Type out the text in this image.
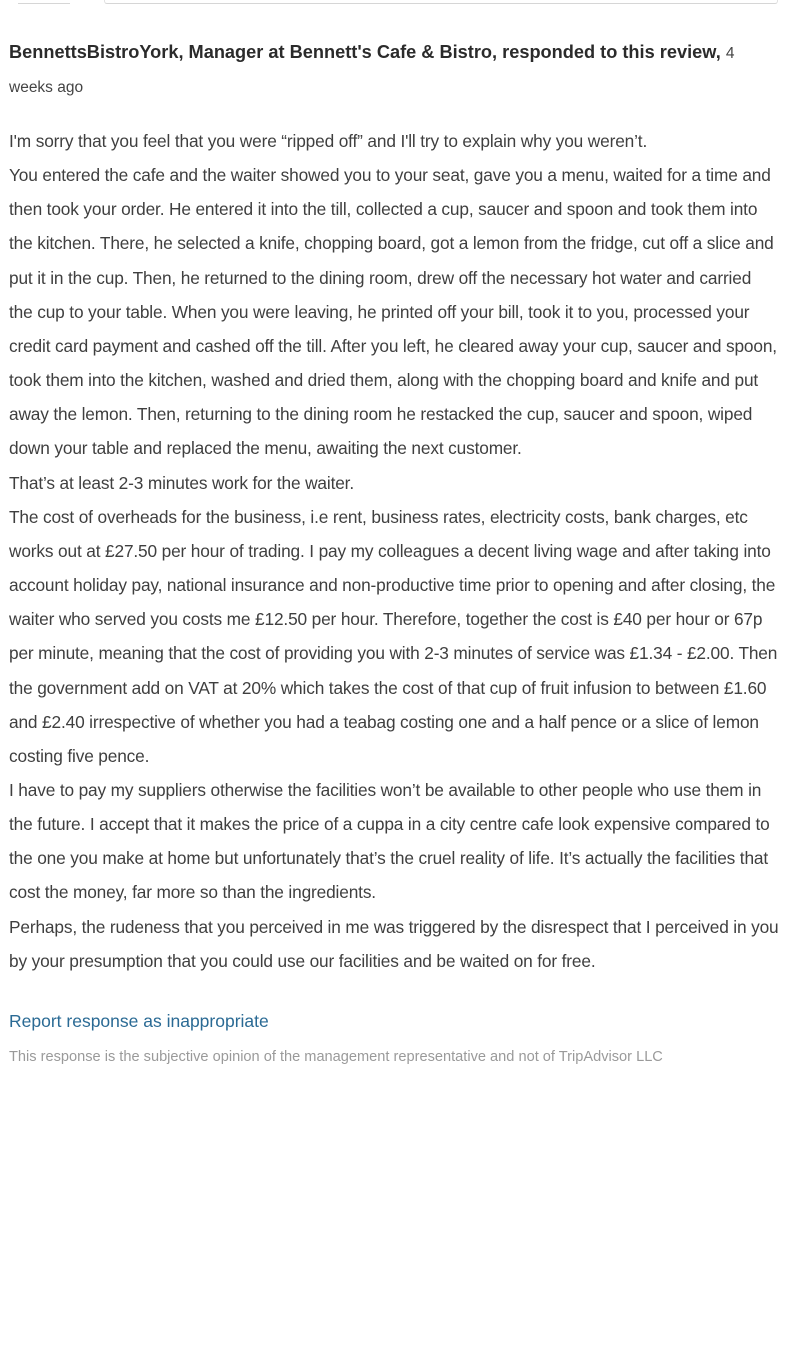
BennettsBistroYork, Manager at Bennett's Cafe & Bistro, responded to this review, 4 weeks ago

I'm sorry that you feel that you were “ripped off” and I'll try to explain why you weren’t.

You entered the cafe and the waiter showed you to your seat, gave you a menu, waited for a time and then took your order. He entered it into the till, collected a cup, saucer and spoon and took them into the kitchen. There, he selected a knife, chopping board, got a lemon from the fridge, cut off a slice and put it in the cup. Then, he returned to the dining room, drew off the necessary hot water and carried the cup to your table. When you were leaving, he printed off your bill, took it to you, processed your credit card payment and cashed off the till. After you left, he cleared away your cup, saucer and spoon, took them into the kitchen, washed and dried them, along with the chopping board and knife and put away the lemon. Then, returning to the dining room he restacked the cup, saucer and spoon, wiped down your table and replaced the menu, awaiting the next customer.

That’s at least 2-3 minutes work for the waiter.

The cost of overheads for the business, i.e rent, business rates, electricity costs, bank charges, etc works out at £27.50 per hour of trading. I pay my colleagues a decent living wage and after taking into account holiday pay, national insurance and non-productive time prior to opening and after closing, the waiter who served you costs me £12.50 per hour. Therefore, together the cost is £40 per hour or 67p per minute, meaning that the cost of providing you with 2-3 minutes of service was £1.34 - £2.00. Then the government add on VAT at 20% which takes the cost of that cup of fruit infusion to between £1.60 and £2.40 irrespective of whether you had a teabag costing one and a half pence or a slice of lemon costing five pence.

I have to pay my suppliers otherwise the facilities won’t be available to other people who use them in the future. I accept that it makes the price of a cuppa in a city centre cafe look expensive compared to the one you make at home but unfortunately that’s the cruel reality of life. It’s actually the facilities that cost the money, far more so than the ingredients.

Perhaps, the rudeness that you perceived in me was triggered by the disrespect that I perceived in you by your presumption that you could use our facilities and be waited on for free.

Report response as inappropriate
This response is the subjective opinion of the management representative and not of TripAdvisor LLC
